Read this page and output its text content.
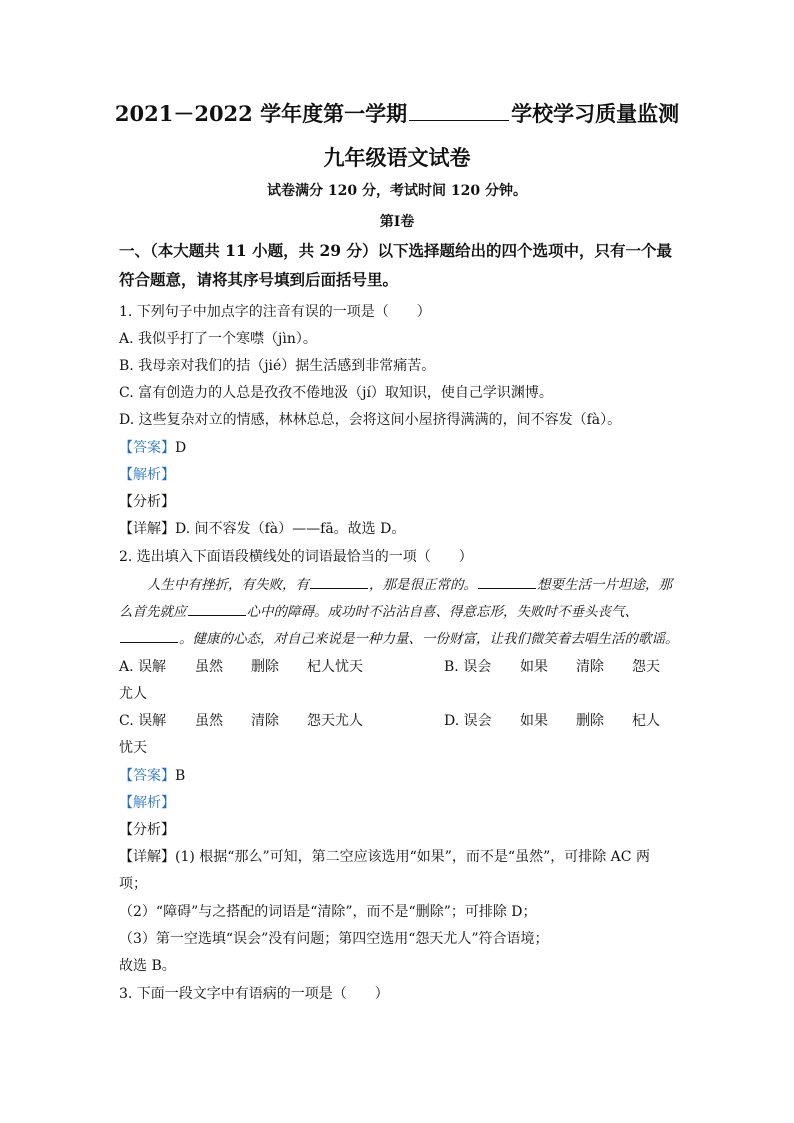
2021－2022 学年度第一学期	学校学习质量监测
九年级语文试卷
试卷满分 120 分，考试时间 120 分钟。
第Ⅰ卷
一、（本大题共 11 小题，共 29 分）以下选择题给出的四个选项中，只有一个最
符合题意，请将其序号填到后面括号里。
1. 下列句子中加点字的注音有误的一项是（　　）
A. 我似乎打了一个寒噤（jìn）。
B. 我母亲对我们的拮（jié）据生活感到非常痛苦。
C. 富有创造力的人总是孜孜不倦地汲（jí）取知识，使自己学识渊博。
D. 这些复杂对立的情感，林林总总，会将这间小屋挤得满满的，间不容发（fà）。
【答案】D
【解析】
【分析】
【详解】D. 间不容发（fà）——fā。故选 D。
2. 选出填入下面语段横线处的词语最恰当的一项（　　）
人生中有挫折，有失败，有	，那是很正常的。	想要生活一片坦途，那
么首先就应	心中的障碍。成功时不沾沾自喜、得意忘形，失败时不垂头丧气、
。健康的心态，对自己来说是一种力量、一份财富，让我们微笑着去唱生活的歌谣。
A. 误解 虽然 删除 杞人忧天	B. 误会 如果 清除 怨天
尤人
C. 误解 虽然 清除 怨天尤人	D. 误会 如果 删除 杞人
忧天
【答案】B
【解析】
【分析】
【详解】(1) 根据“那么”可知，第二空应该选用“如果”，而不是“虽然”，可排除 AC 两
项；
（2）“障碍”与之搭配的词语是“清除”，而不是“删除”；可排除 D；
（3）第一空选填“误会”没有问题；第四空选用“怨天尤人”符合语境；
故选 B。
3. 下面一段文字中有语病的一项是（　　）
